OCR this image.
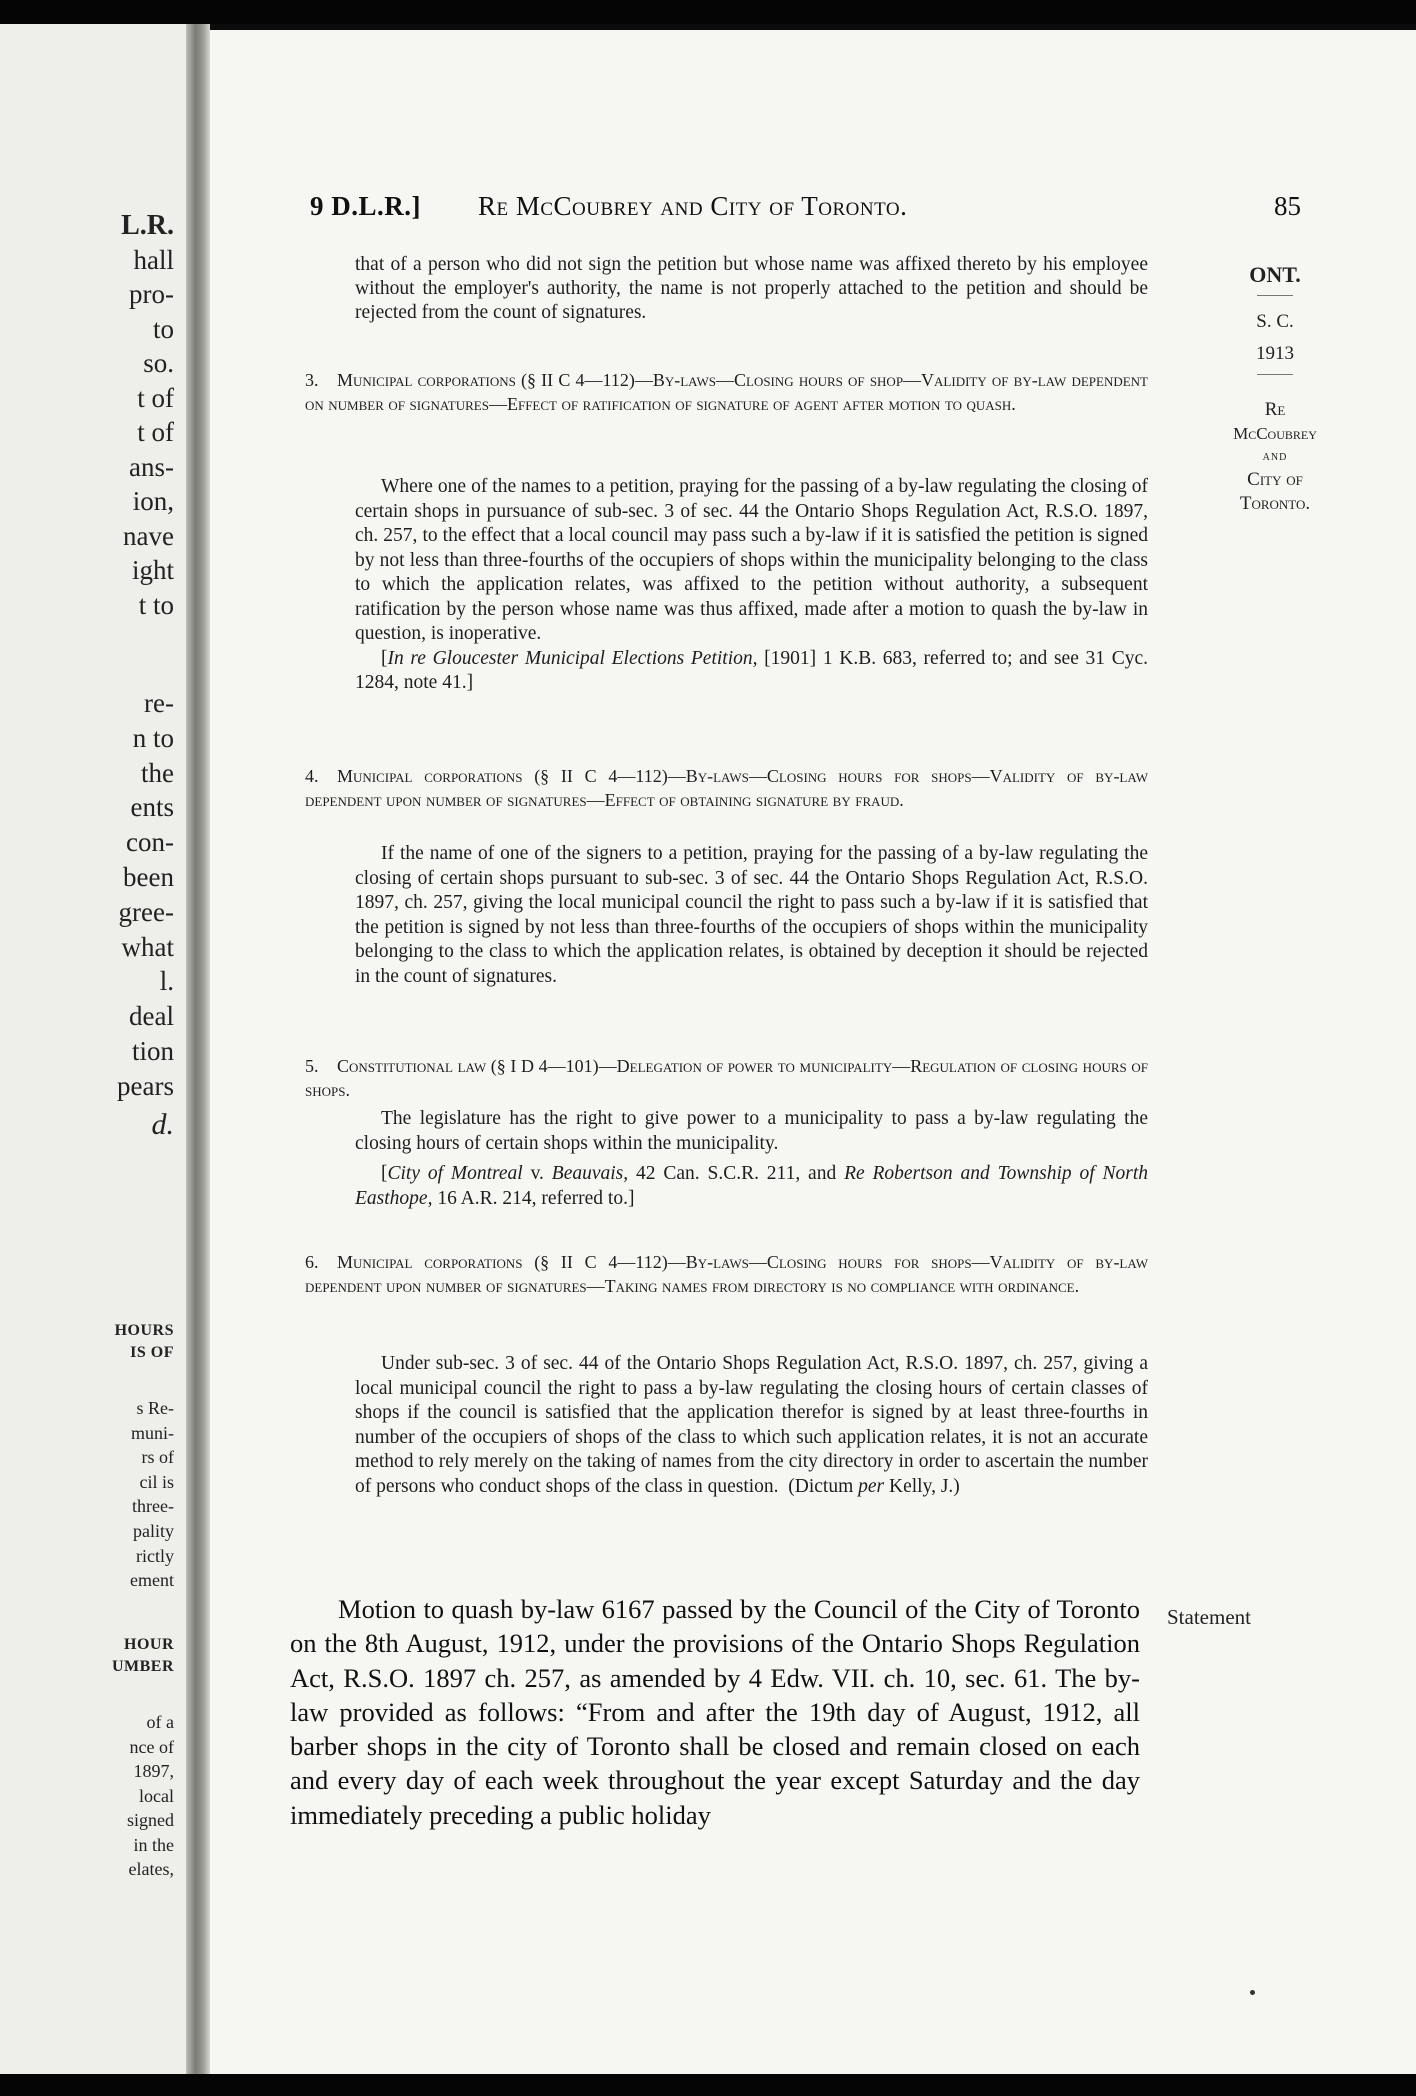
L.R.
hall
pro-
to
so.
t of
t of
ans-
ion,
nave
ight
t to
re-
n to
the
ents
con-
been
gree-
what
l.
deal
tion
pears
HOURS
IS OF
s Re-
muni-
rs of
cil is
three-
pality
rictly
ement
HOUR
UMBER
of a
nce of
1897,
local
signed
in the
elates,
d.
9 D.L.R.] Re McCoubrey and City of Toronto.	85
ONT.
S. C.
1913
Re
McCoubrey
and
City of
Toronto.
Statement
that of a person who did not sign the petition but whose name was affixed thereto by his employee without the employer's authority, the name is not properly attached to the petition and should be rejected from the count of signatures.
3. Municipal corporations (§ II C 4—112)—By-laws—Closing hours of shop—Validity of by-law dependent on number of signatures—Effect of ratification of signature of agent after motion to quash.
Where one of the names to a petition, praying for the passing of a by-law regulating the closing of certain shops in pursuance of sub-sec. 3 of sec. 44 the Ontario Shops Regulation Act, R.S.O. 1897, ch. 257, to the effect that a local council may pass such a by-law if it is satisfied the petition is signed by not less than three-fourths of the occupiers of shops within the municipality belonging to the class to which the application relates, was affixed to the petition without authority, a subsequent ratification by the person whose name was thus affixed, made after a motion to quash the by-law in question, is inoperative.
[In re Gloucester Municipal Elections Petition, [1901] 1 K.B. 683, referred to; and see 31 Cyc. 1284, note 41.]
4. Municipal corporations (§ II C 4—112)—By-laws—Closing hours for shops—Validity of by-law dependent upon number of signatures—Effect of obtaining signature by fraud.
If the name of one of the signers to a petition, praying for the passing of a by-law regulating the closing of certain shops pursuant to sub-sec. 3 of sec. 44 the Ontario Shops Regulation Act, R.S.O. 1897, ch. 257, giving the local municipal council the right to pass such a by-law if it is satisfied that the petition is signed by not less than three-fourths of the occupiers of shops within the municipality belonging to the class to which the application relates, is obtained by deception it should be rejected in the count of signatures.
5. Constitutional law (§ I D 4—101)—Delegation of power to municipality—Regulation of closing hours of shops.
The legislature has the right to give power to a municipality to pass a by-law regulating the closing hours of certain shops within the municipality.
[City of Montreal v. Beauvais, 42 Can. S.C.R. 211, and Re Robertson and Township of North Easthope, 16 A.R. 214, referred to.]
6. Municipal corporations (§ II C 4—112)—By-laws—Closing hours for shops—Validity of by-law dependent upon number of signatures—Taking names from directory is no compliance with ordinance.
Under sub-sec. 3 of sec. 44 of the Ontario Shops Regulation Act, R.S.O. 1897, ch. 257, giving a local municipal council the right to pass a by-law regulating the closing hours of certain classes of shops if the council is satisfied that the application therefor is signed by at least three-fourths in number of the occupiers of shops of the class to which such application relates, it is not an accurate method to rely merely on the taking of names from the city directory in order to ascertain the number of persons who conduct shops of the class in question. (Dictum per Kelly, J.)
Motion to quash by-law 6167 passed by the Council of the City of Toronto on the 8th August, 1912, under the provisions of the Ontario Shops Regulation Act, R.S.O. 1897 ch. 257, as amended by 4 Edw. VII. ch. 10, sec. 61. The by-law provided as follows: “From and after the 19th day of August, 1912, all barber shops in the city of Toronto shall be closed and remain closed on each and every day of each week throughout the year except Saturday and the day immediately preceding a public holiday
